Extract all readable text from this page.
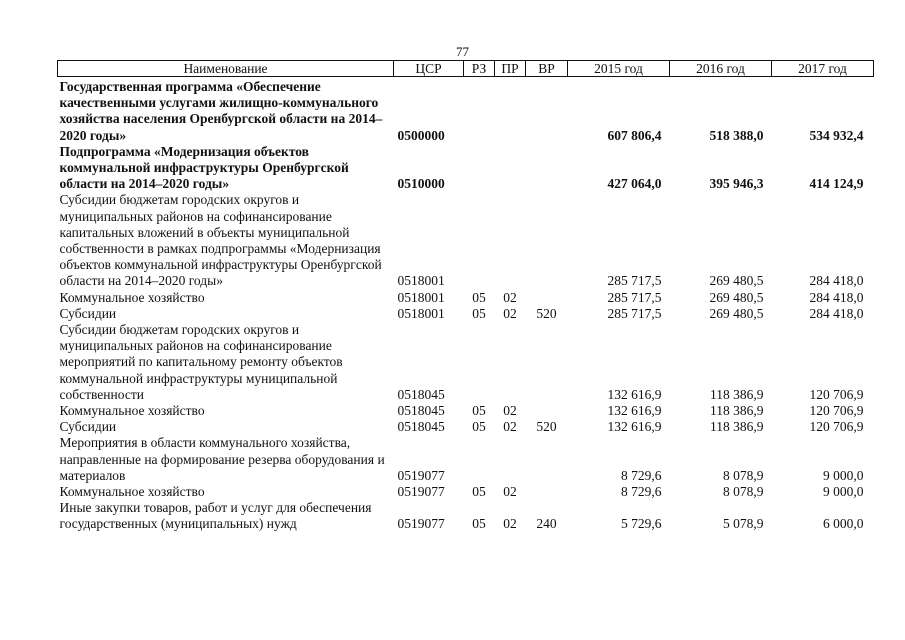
77
Наименование	ЦСР	РЗ	ПР	ВР	2015 год	2016 год	2017 год
Государственная программа «Обеспечение качественными услугами жилищно-коммунального хозяйства населения Оренбургской области на 2014–2020 годы»	0500000				607 806,4	518 388,0	534 932,4
Подпрограмма «Модернизация объектов коммунальной инфраструктуры Оренбургской области на 2014–2020 годы»	0510000				427 064,0	395 946,3	414 124,9
Субсидии бюджетам городских округов и муниципальных районов на софинансирование капитальных вложений в объекты муниципальной собственности в рамках подпрограммы «Модернизация объектов коммунальной инфраструктуры Оренбургской области на 2014–2020 годы»	0518001				285 717,5	269 480,5	284 418,0
Коммунальное хозяйство	0518001	05	02		285 717,5	269 480,5	284 418,0
Субсидии	0518001	05	02	520	285 717,5	269 480,5	284 418,0
Субсидии бюджетам городских округов и муниципальных районов на софинансирование мероприятий по капитальному ремонту объектов коммунальной инфраструктуры муниципальной собственности	0518045				132 616,9	118 386,9	120 706,9
Коммунальное хозяйство	0518045	05	02		132 616,9	118 386,9	120 706,9
Субсидии	0518045	05	02	520	132 616,9	118 386,9	120 706,9
Мероприятия в области коммунального хозяйства, направленные на формирование резерва оборудования и материалов	0519077				8 729,6	8 078,9	9 000,0
Коммунальное хозяйство	0519077	05	02		8 729,6	8 078,9	9 000,0
Иные закупки товаров, работ и услуг для обеспечения государственных (муниципальных) нужд	0519077	05	02	240	5 729,6	5 078,9	6 000,0
